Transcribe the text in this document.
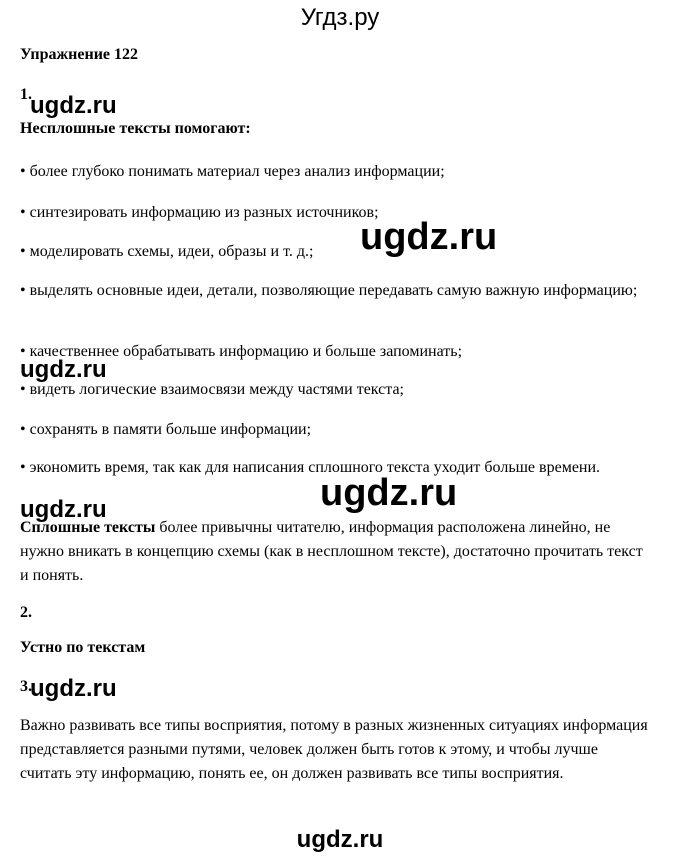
Угдз.ру
Упражнение 122
1.
ugdz.ru
Несплошные тексты помогают:
• более глубоко понимать материал через анализ информации;
• синтезировать информацию из разных источников;
• моделировать схемы, идеи, образы и т. д.;	ugdz.ru
• выделять основные идеи, детали, позволяющие передавать самую важную информацию;
• качественнее обрабатывать информацию и больше запоминать;
ugdz.ru
• видеть логические взаимосвязи между частями текста;
• сохранять в памяти больше информации;
• экономить время, так как для написания сплошного текста уходит больше времени.
ugdz.ru
ugdz.ru
Сплошные тексты более привычны читателю, информация расположена линейно, не нужно вникать в концепцию схемы (как в несплошном тексте), достаточно прочитать текст и понять.
2.
Устно по текстам
3.
ugdz.ru
Важно развивать все типы восприятия, потому в разных жизненных ситуациях информация представляется разными путями, человек должен быть готов к этому, и чтобы лучше считать эту информацию, понять ее, он должен развивать все типы восприятия.
ugdz.ru
